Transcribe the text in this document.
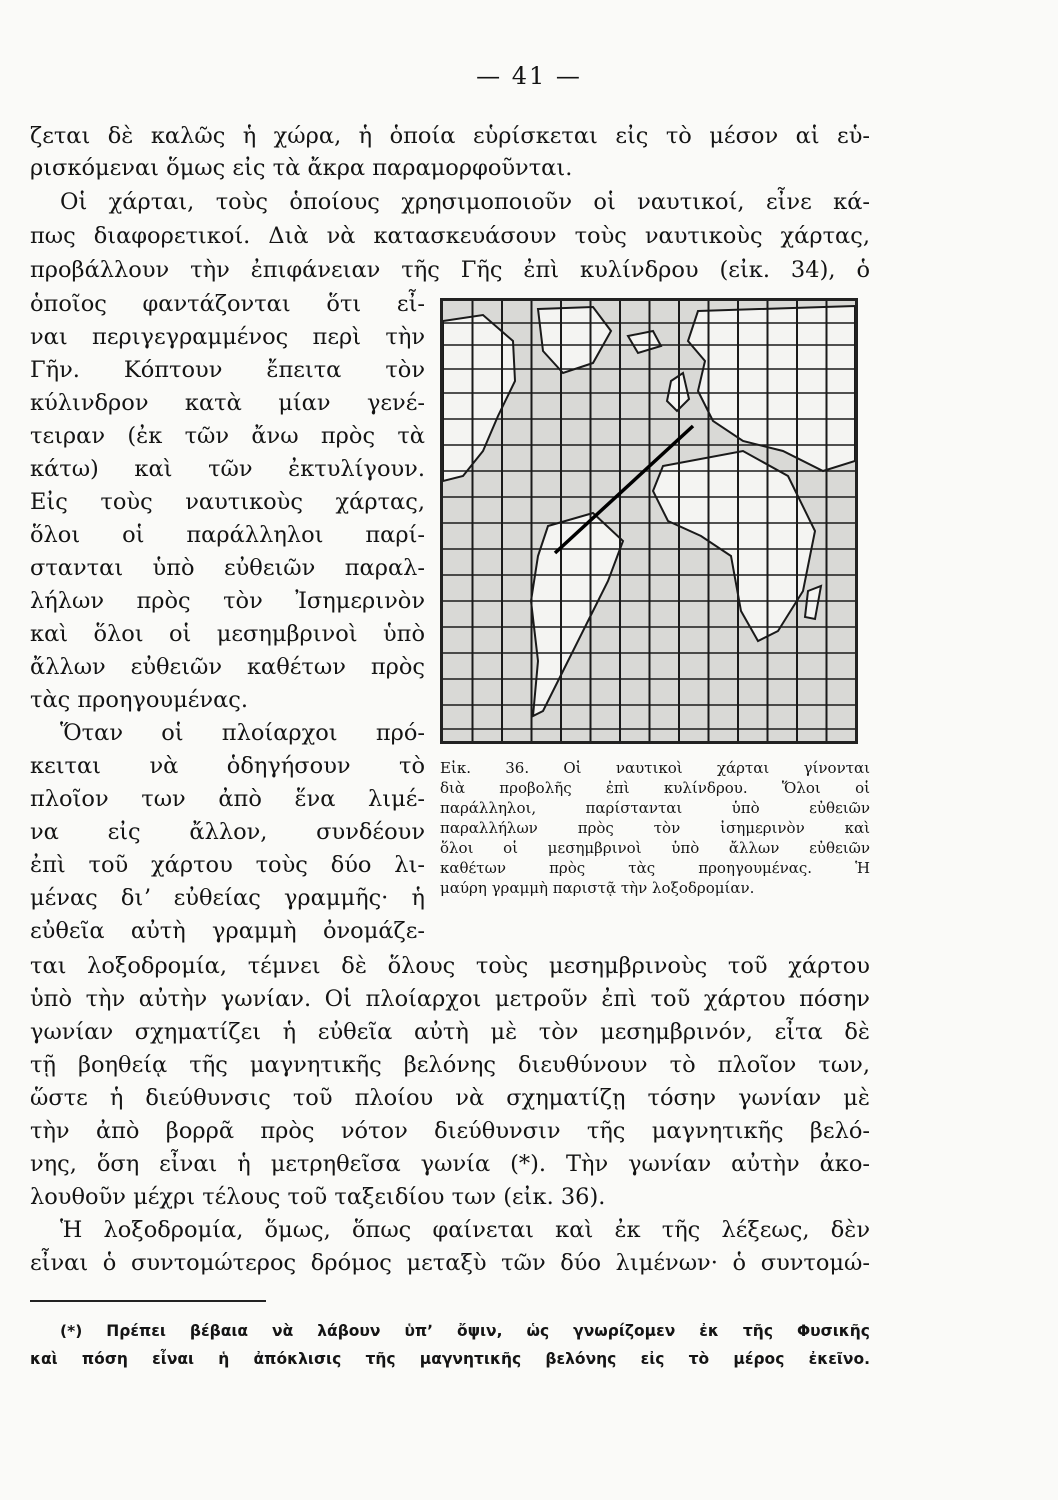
— 41 —
ζεται δὲ καλῶς ἡ χώρα, ἡ ὁποία εὑρίσκεται εἰς τὸ μέσον αἱ εὑ-
ρισκόμεναι ὅμως εἰς τὰ ἄκρα παραμορφοῦνται.
Οἱ χάρται, τοὺς ὁποίους χρησιμοποιοῦν οἱ ναυτικοί, εἶνε κά-
πως διαφορετικοί. Διὰ νὰ κατασκευάσουν τοὺς ναυτικοὺς χάρτας,
προβάλλουν τὴν ἐπιφάνειαν τῆς Γῆς ἐπὶ κυλίνδρου (εἰκ. 34), ὁ
ὁποῖος φαντάζονται ὅτι εἶ-
ναι περιγεγραμμένος περὶ τὴν
Γῆν. Κόπτουν ἔπειτα τὸν
κύλινδρον κατὰ μίαν γενέ-
τειραν (ἐκ τῶν ἄνω πρὸς τὰ
κάτω) καὶ τῶν ἐκτυλίγουν.
Εἰς τοὺς ναυτικοὺς χάρτας,
ὅλοι οἱ παράλληλοι παρί-
στανται ὑπὸ εὐθειῶν παραλ-
λήλων πρὸς τὸν Ἰσημερινὸν
καὶ ὅλοι οἱ μεσημβρινοὶ ὑπὸ
ἄλλων εὐθειῶν καθέτων πρὸς
τὰς προηγουμένας.
Ὅταν οἱ πλοίαρχοι πρό-
κειται νὰ ὁδηγήσουν τὸ
πλοῖον των ἀπὸ ἕνα λιμέ-
να εἰς ἄλλον, συνδέουν
ἐπὶ τοῦ χάρτου τοὺς δύο λι-
μένας διʼ εὐθείας γραμμῆς· ἡ
εὐθεῖα αὐτὴ γραμμὴ ὀνομάζε-
Εἰκ. 36. Οἱ ναυτικοὶ χάρται γίνονται
διὰ προβολῆς ἐπὶ κυλίνδρου. Ὅλοι οἱ
παράλληλοι, παρίστανται ὑπὸ εὐθειῶν
παραλλήλων πρὸς τὸν ἰσημερινὸν καὶ
ὅλοι οἱ μεσημβρινοὶ ὑπὸ ἄλλων εὐθειῶν
καθέτων πρὸς τὰς προηγουμένας. Ἡ
μαύρη γραμμὴ παριστᾷ τὴν λοξοδρομίαν.
ται λοξοδρομία, τέμνει δὲ ὅλους τοὺς μεσημβρινοὺς τοῦ χάρτου
ὑπὸ τὴν αὐτὴν γωνίαν. Οἱ πλοίαρχοι μετροῦν ἐπὶ τοῦ χάρτου πόσην
γωνίαν σχηματίζει ἡ εὐθεῖα αὐτὴ μὲ τὸν μεσημβρινόν, εἶτα δὲ
τῇ βοηθείᾳ τῆς μαγνητικῆς βελόνης διευθύνουν τὸ πλοῖον των,
ὥστε ἡ διεύθυνσις τοῦ πλοίου νὰ σχηματίζῃ τόσην γωνίαν μὲ
τὴν ἀπὸ βορρᾶ πρὸς νότον διεύθυνσιν τῆς μαγνητικῆς βελό-
νης, ὅση εἶναι ἡ μετρηθεῖσα γωνία (*). Τὴν γωνίαν αὐτὴν ἀκο-
λουθοῦν μέχρι τέλους τοῦ ταξειδίου των (εἰκ. 36).
Ἡ λοξοδρομία, ὅμως, ὅπως φαίνεται καὶ ἐκ τῆς λέξεως, δὲν
εἶναι ὁ συντομώτερος δρόμος μεταξὺ τῶν δύο λιμένων· ὁ συντομώ-
(*) Πρέπει βέβαια νὰ λάβουν ὑπʼ ὄψιν, ὡς γνωρίζομεν ἐκ τῆς Φυσικῆς
καὶ πόση εἶναι ἡ ἀπόκλισις τῆς μαγνητικῆς βελόνης εἰς τὸ μέρος ἐκεῖνο.
